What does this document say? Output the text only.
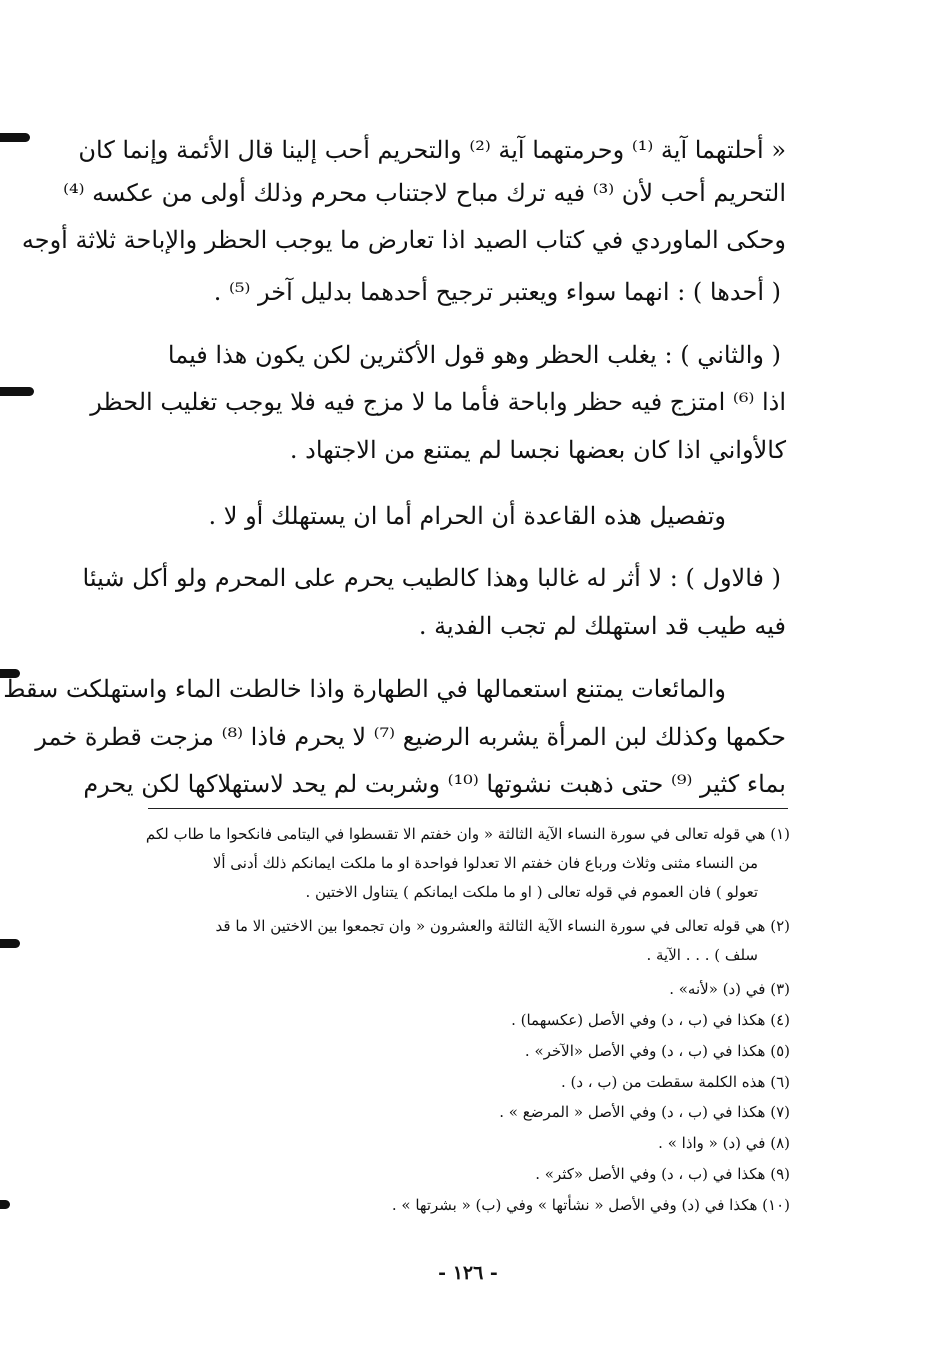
« أحلتهما آية ⁽¹⁾ وحرمتهما آية ⁽²⁾ والتحريم أحب إلينا قال الأئمة وإنما كان
التحريم أحب لأن ⁽³⁾ فيه ترك مباح لاجتناب محرم وذلك أولى من عكسه ⁽⁴⁾
وحكى الماوردي في كتاب الصيد اذا تعارض ما يوجب الحظر والإباحة ثلاثة أوجه
( أحدها ) : انهما سواء ويعتبر ترجيح أحدهما بدليل آخر ⁽⁵⁾ .
( والثاني ) : يغلب الحظر وهو قول الأكثرين لكن يكون هذا فيما
اذا ⁽⁶⁾ امتزج فيه حظر واباحة فأما ما لا مزج فيه فلا يوجب تغليب الحظر
كالأواني اذا كان بعضها نجسا لم يمتنع من الاجتهاد .
وتفصيل هذه القاعدة أن الحرام أما ان يستهلك أو لا .
( فالاول ) : لا أثر له غالبا وهذا كالطيب يحرم على المحرم ولو أكل شيئا
فيه طيب قد استهلك لم تجب الفدية .
والمائعات يمتنع استعمالها في الطهارة واذا خالطت الماء واستهلكت سقط
حكمها وكذلك لبن المرأة يشربه الرضيع ⁽⁷⁾ لا يحرم فاذا ⁽⁸⁾ مزجت قطرة خمر
بماء كثير ⁽⁹⁾ حتى ذهبت نشوتها ⁽¹⁰⁾ وشربت لم يحد لاستهلاكها لكن يحرم
(١) هي قوله تعالى في سورة النساء الآية الثالثة « وان خفتم الا تقسطوا في اليتامى فانكحوا ما طاب لكم
من النساء مثنى وثلاث ورباع فان خفتم الا تعدلوا فواحدة او ما ملكت ايمانكم ذلك أدنى ألا
تعولو ) فان العموم في قوله تعالى ( او ما ملكت ايمانكم ) يتناول الاختين .
(٢) هي قوله تعالى في سورة النساء الآية الثالثة والعشرون « وان تجمعوا بين الاختين الا ما قد
سلف ) . . . الآية .
(٣) في (د) «لأنه» .
(٤) هكذا في (ب ، د) وفي الأصل (عكسهما) .
(٥) هكذا في (ب ، د) وفي الأصل «الآخر» .
(٦) هذه الكلمة سقطت من (ب ، د) .
(٧) هكذا في (ب ، د) وفي الأصل « المرضع » .
(٨) في (د) « واذا » .
(٩) هكذا في (ب ، د) وفي الأصل «كثر» .
(١٠) هكذا في (د) وفي الأصل « نشأتها » وفي (ب) « بشرتها » .
- ١٢٦ -
